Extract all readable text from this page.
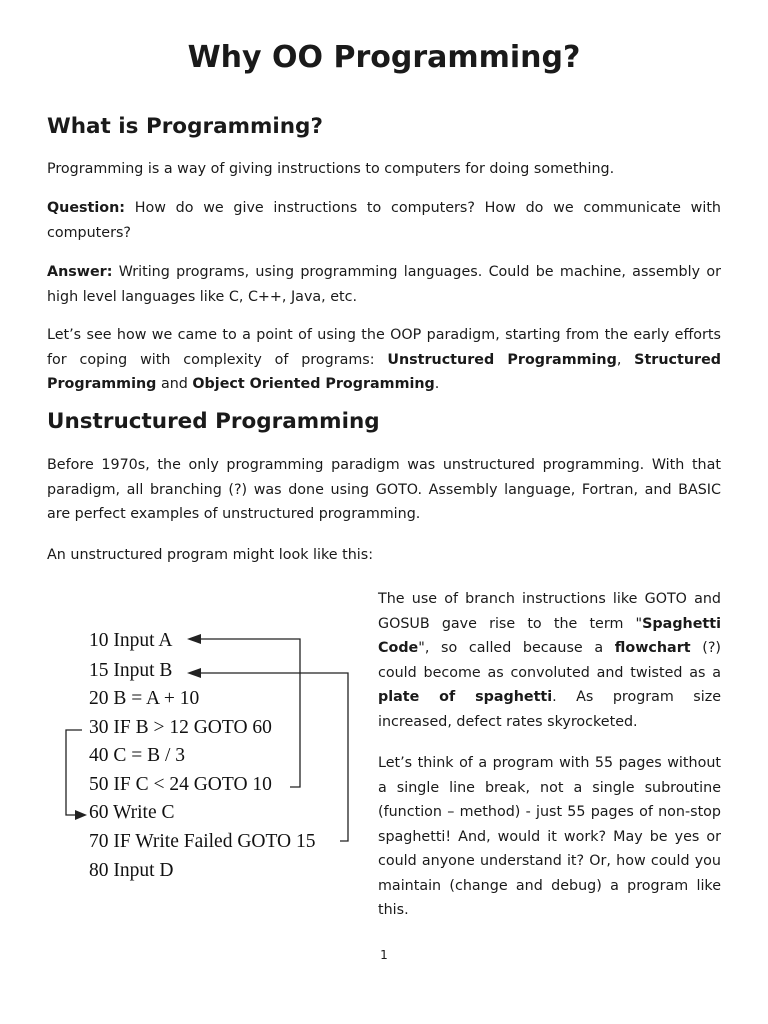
Why OO Programming?
What is Programming?

Programming is a way of giving instructions to computers for doing something.

Question: How do we give instructions to computers? How do we communicate with computers?

Answer: Writing programs, using programming languages. Could be machine, assembly or high level languages like C, C++, Java, etc.

Let’s see how we came to a point of using the OOP paradigm, starting from the early efforts for coping with complexity of programs: Unstructured Programming, Structured Programming and Object Oriented Programming.

Unstructured Programming

Before 1970s, the only programming paradigm was unstructured programming. With that paradigm, all branching (?) was done using GOTO. Assembly language, Fortran, and BASIC are perfect examples of unstructured programming.

An unstructured program might look like this:

10 Input A
15 Input B
20 B = A + 10
30 IF B > 12 GOTO 60
40 C = B / 3
50 IF C < 24 GOTO 10
60 Write C
70 IF Write Failed GOTO 15
80 Input D

The use of branch instructions like GOTO and GOSUB gave rise to the term "Spaghetti Code", so called because a flowchart (?) could become as convoluted and twisted as a plate of spaghetti. As program size increased, defect rates skyrocketed.

Let’s think of a program with 55 pages without a single line break, not a single subroutine (function – method) - just 55 pages of non-stop spaghetti! And, would it work? May be yes or could anyone understand it? Or, how could you maintain (change and debug) a program like this.

1
